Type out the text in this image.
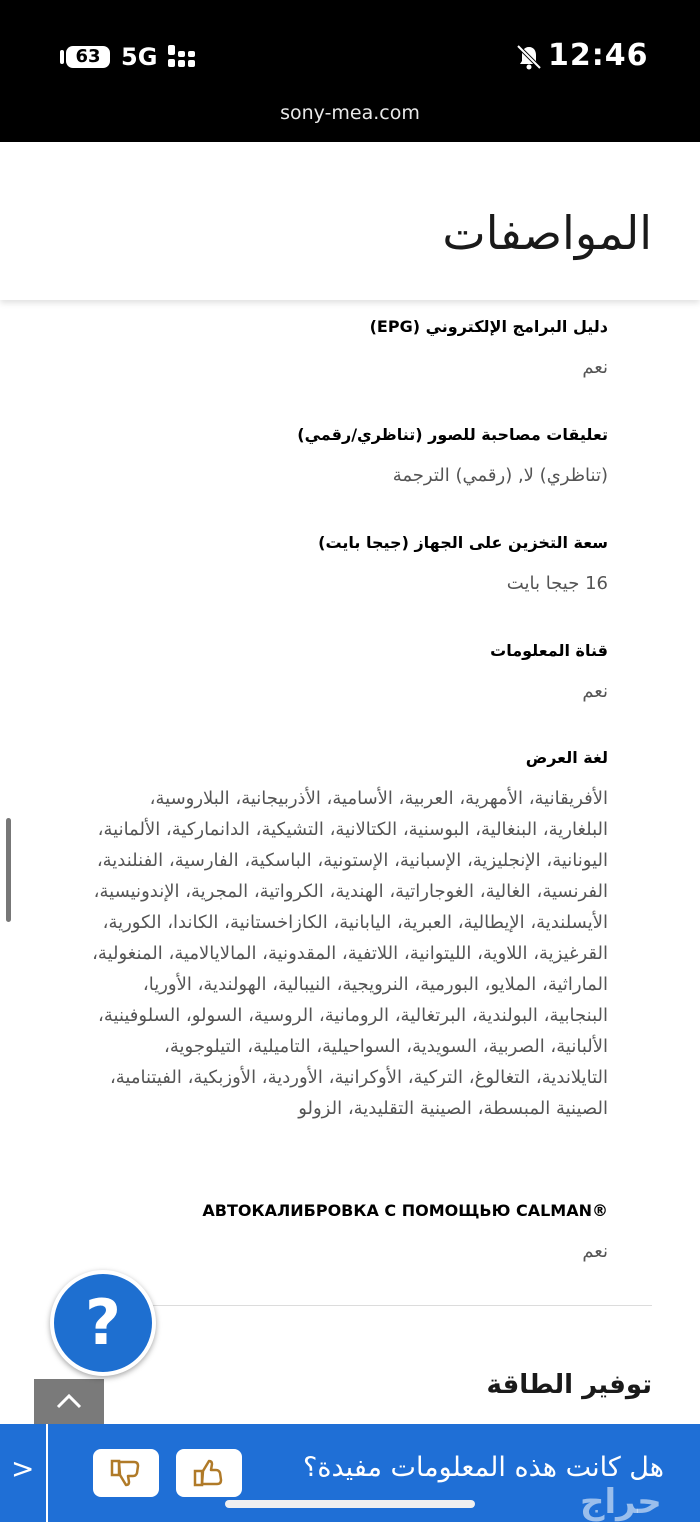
63 5G	12:46
sony-mea.com
المواصفات
دليل البرامج الإلكتروني (EPG)
نعم
تعليقات مصاحبة للصور (تناظري/رقمي)
(تناظري) لا, (رقمي) الترجمة
سعة التخزين على الجهاز (جيجا بايت)
16 جيجا بايت
قناة المعلومات
نعم
لغة العرض
الأفريقانية، الأمهرية، العربية، الأسامية، الأذربيجانية، البلاروسية، البلغارية، البنغالية، البوسنية، الكتالانية، التشيكية، الدانماركية، الألمانية، اليونانية، الإنجليزية، الإسبانية، الإستونية، الباسكية، الفارسية، الفنلندية، الفرنسية، الغالية، الغوجاراتية، الهندية، الكرواتية، المجرية، الإندونيسية، الأيسلندية، الإيطالية، العبرية، اليابانية، الكازاخستانية، الكاندا، الكورية، القرغيزية، اللاوية، الليتوانية، اللاتفية، المقدونية، المالايالامية، المنغولية، الماراثية، الملايو، البورمية، النرويجية، النيبالية، الهولندية، الأوريا، البنجابية، البولندية، البرتغالية، الرومانية، الروسية، السولو، السلوفينية، الألبانية، الصربية، السويدية، السواحيلية، التاميلية، التيلوجوية، التايلاندية، التغالوغ، التركية، الأوكرانية، الأوردية، الأوزبكية، الفيتنامية، الصينية المبسطة، الصينية التقليدية، الزولو
АВТОКАЛИБРОВКА С ПОМОЩЬЮ CALMAN®
نعم
توفير الطاقة
?
>	هل كانت هذه المعلومات مفيدة؟
حراج
